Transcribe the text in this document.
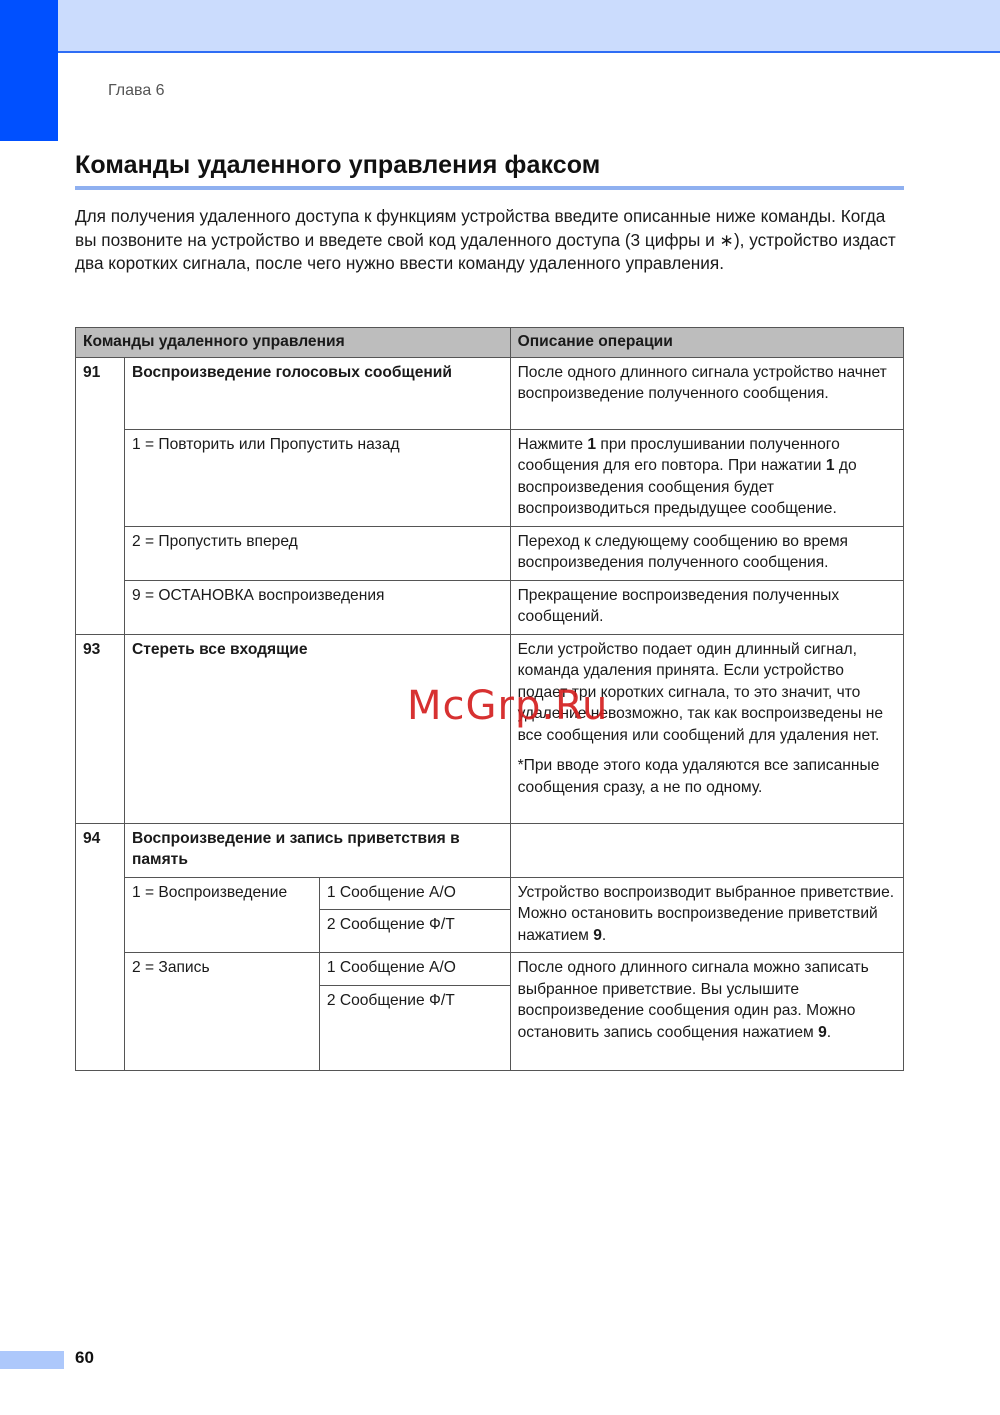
Глава 6
Команды удаленного управления факсом
Для получения удаленного доступа к функциям устройства введите описанные ниже команды. Когда вы позвоните на устройство и введете свой код удаленного доступа (3 цифры и ∗), устройство издаст два коротких сигнала, после чего нужно ввести команду удаленного управления.
Команды удаленного управления			Описание операции
91	Воспроизведение голосовых сообщений		После одного длинного сигнала устройство начнет воспроизведение полученного сообщения.
	1 = Повторить или Пропустить назад		Нажмите 1 при прослушивании полученного сообщения для его повтора. При нажатии 1 до воспроизведения сообщения будет воспроизводиться предыдущее сообщение.
	2 = Пропустить вперед		Переход к следующему сообщению во время воспроизведения полученного сообщения.
	9 = ОСТАНОВКА воспроизведения		Прекращение воспроизведения полученных сообщений.
93	Стереть все входящие		Если устройство подает один длинный сигнал, команда удаления принята. Если устройство подает три коротких сигнала, то это значит, что удаление невозможно, так как воспроизведены не все сообщения или сообщений для удаления нет.
*При вводе этого кода удаляются все записанные сообщения сразу, а не по одному.

94	Воспроизведение и запись приветствия в память		
	1 = Воспроизведение	1 Сообщение А/О	Устройство воспроизводит выбранное приветствие. Можно остановить воспроизведение приветствий нажатием 9.
		2 Сообщение Ф/Т	
	2 = Запись	1 Сообщение А/О	После одного длинного сигнала можно записать выбранное приветствие. Вы услышите воспроизведение сообщения один раз. Можно остановить запись сообщения нажатием 9.
		2 Сообщение Ф/Т	
McGrp.Ru
60
